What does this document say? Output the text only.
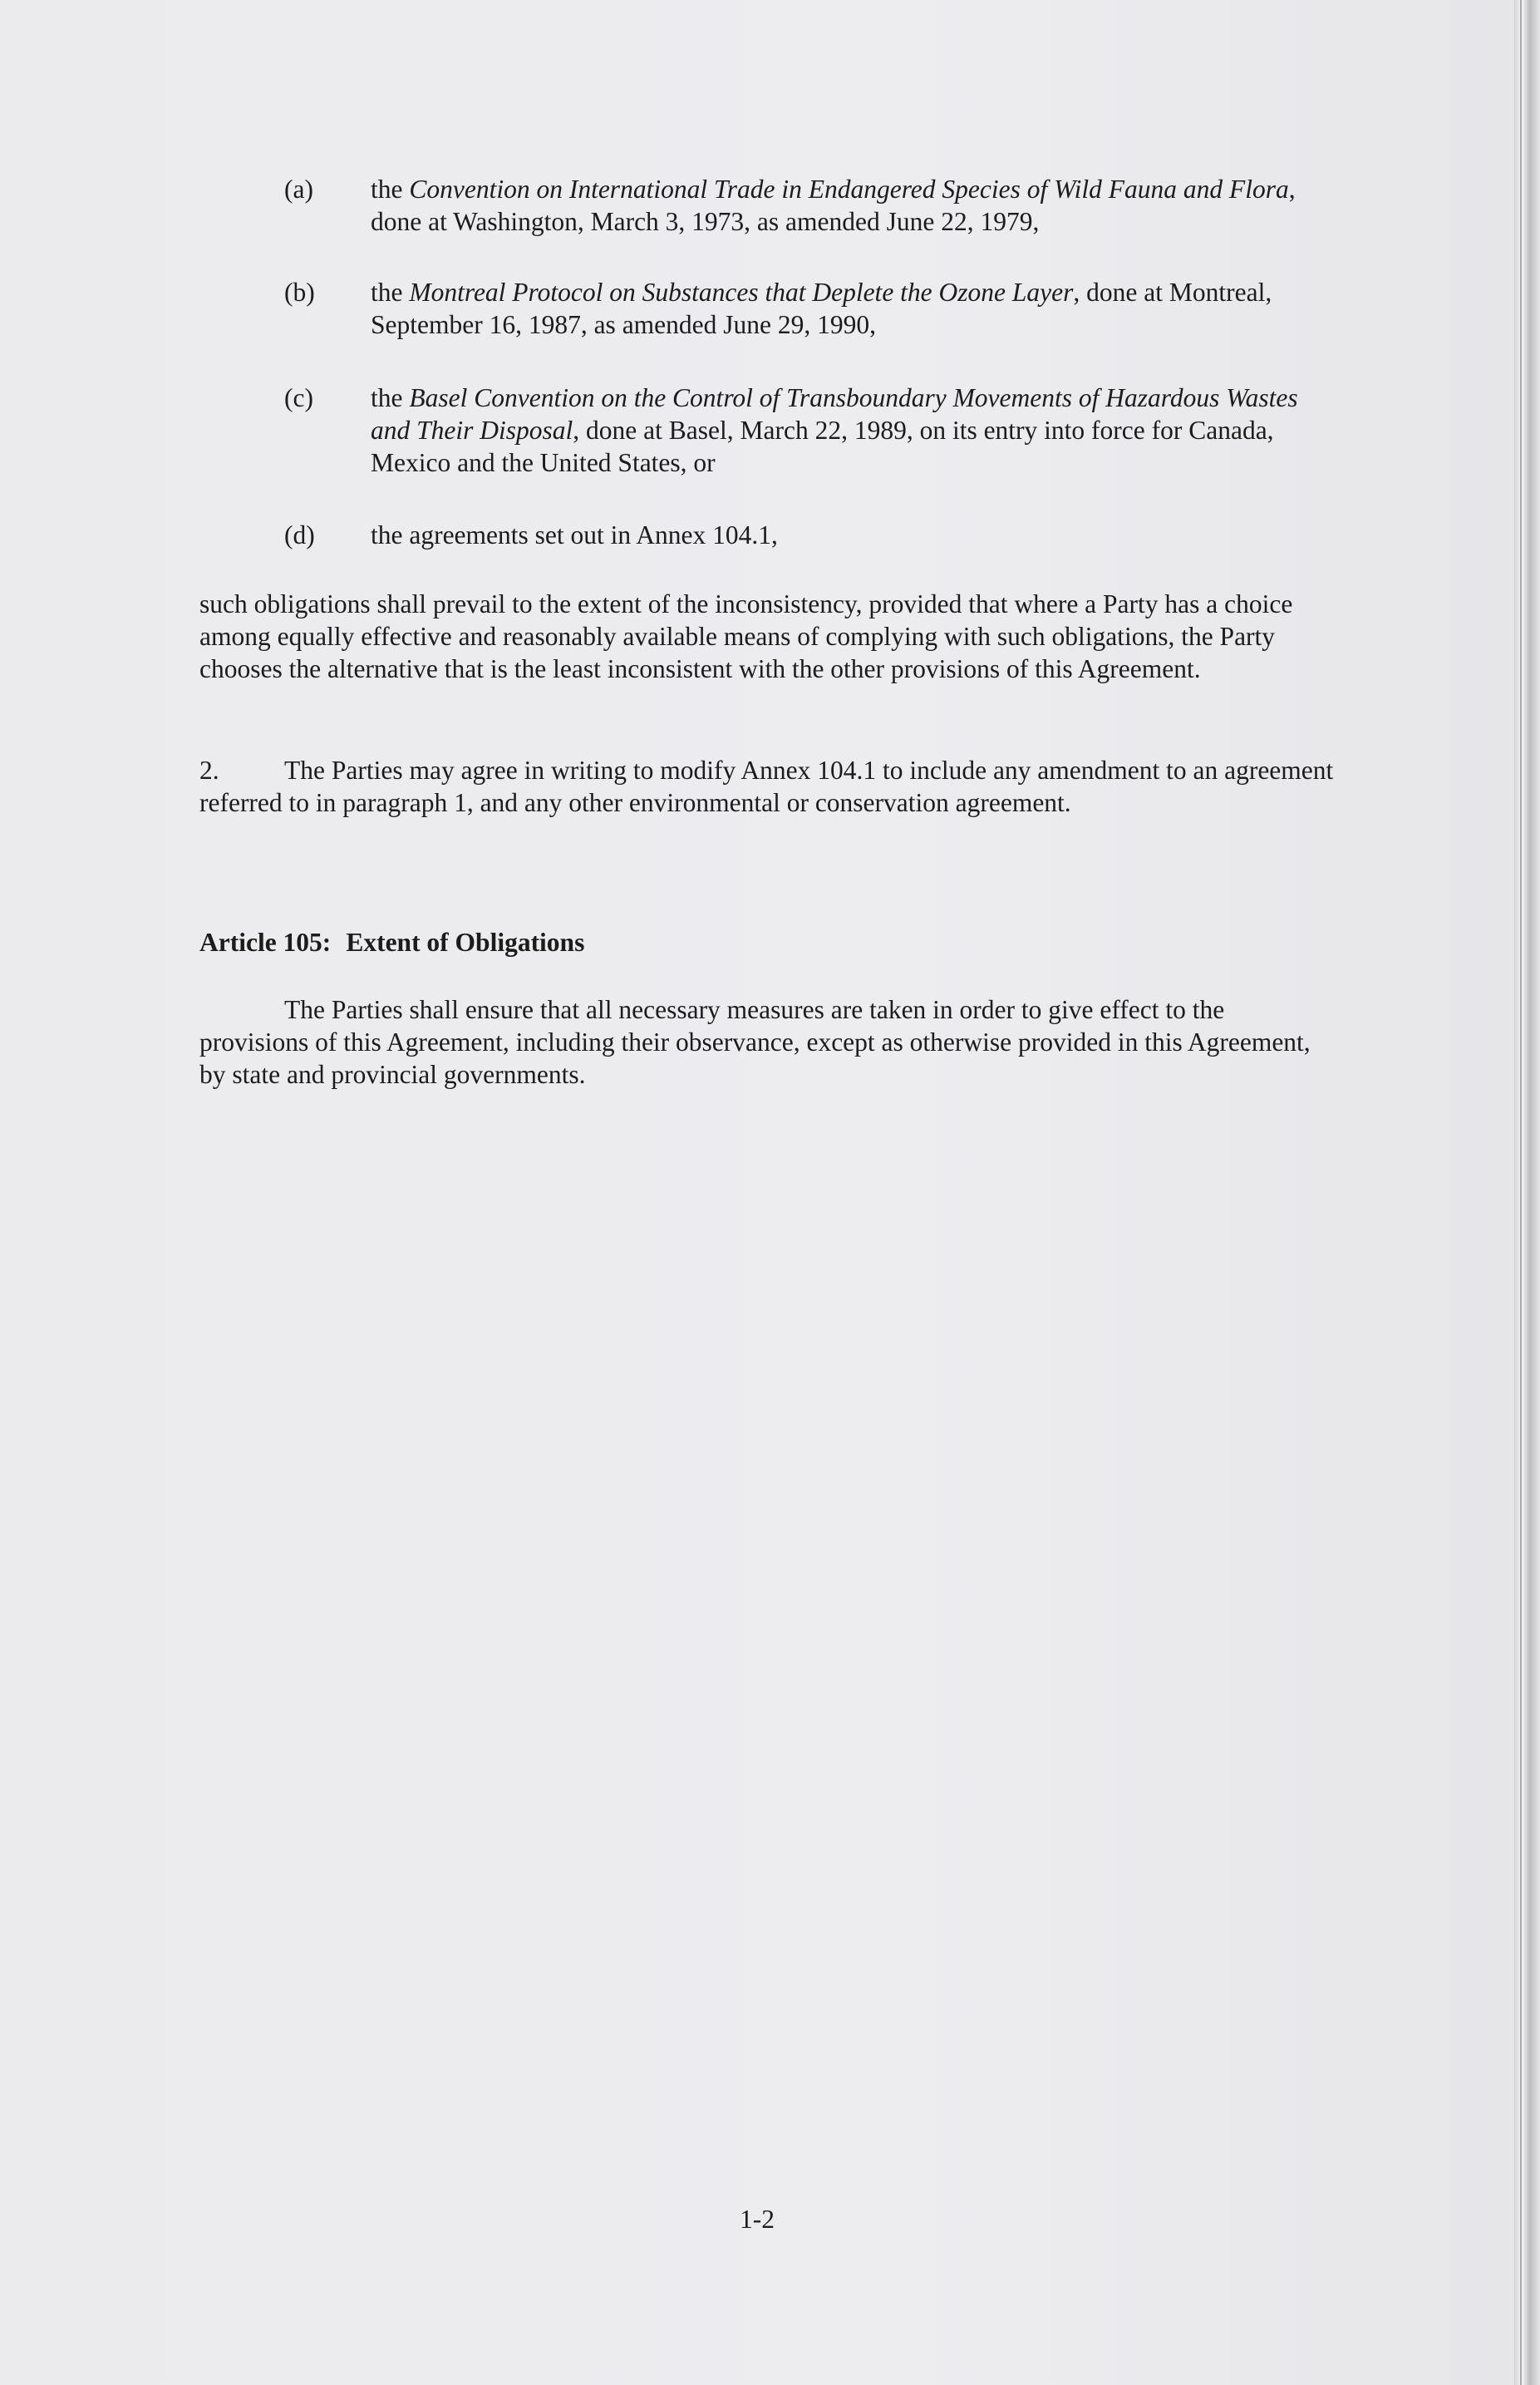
(a) the Convention on International Trade in Endangered Species of Wild Fauna and Flora, done at Washington, March 3, 1973, as amended June 22, 1979,
(b) the Montreal Protocol on Substances that Deplete the Ozone Layer, done at Montreal, September 16, 1987, as amended June 29, 1990,
(c) the Basel Convention on the Control of Transboundary Movements of Hazardous Wastes and Their Disposal, done at Basel, March 22, 1989, on its entry into force for Canada, Mexico and the United States, or
(d) the agreements set out in Annex 104.1,
such obligations shall prevail to the extent of the inconsistency, provided that where a Party has a choice among equally effective and reasonably available means of complying with such obligations, the Party chooses the alternative that is the least inconsistent with the other provisions of this Agreement.
2. The Parties may agree in writing to modify Annex 104.1 to include any amendment to an agreement referred to in paragraph 1, and any other environmental or conservation agreement.
Article 105: Extent of Obligations
The Parties shall ensure that all necessary measures are taken in order to give effect to the provisions of this Agreement, including their observance, except as otherwise provided in this Agreement, by state and provincial governments.
1-2
